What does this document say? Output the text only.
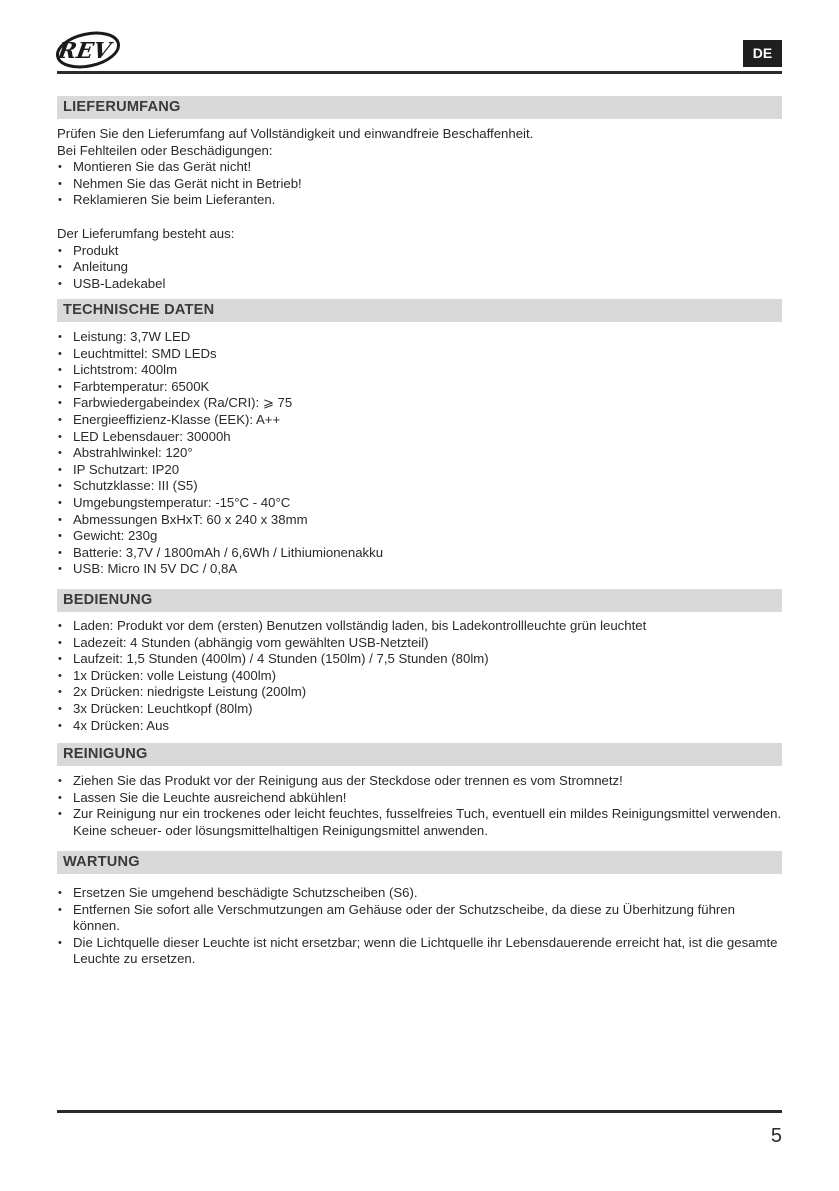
REV	DE
LIEFERUMFANG

Prüfen Sie den Lieferumfang auf Vollständigkeit und einwandfreie Beschaffenheit.

Bei Fehlteilen oder Beschädigungen:

• Montieren Sie das Gerät nicht!
• Nehmen Sie das Gerät nicht in Betrieb!
• Reklamieren Sie beim Lieferanten.

Der Lieferumfang besteht aus:

• Produkt
• Anleitung
• USB-Ladekabel
TECHNISCHE DATEN
• Leistung: 3,7W LED
• Leuchtmittel: SMD LEDs
• Lichtstrom: 400lm
• Farbtemperatur: 6500K
• Farbwiedergabeindex (Ra/CRI): ⩾ 75
• Energieeffizienz-Klasse (EEK): A++
• LED Lebensdauer: 30000h
• Abstrahlwinkel: 120°
• IP Schutzart: IP20
• Schutzklasse: III (S5)
• Umgebungstemperatur: -15°C - 40°C
• Abmessungen BxHxT: 60 x 240 x 38mm
• Gewicht: 230g
• Batterie: 3,7V / 1800mAh / 6,6Wh / Lithiumionenakku
• USB: Micro IN 5V DC / 0,8A
BEDIENUNG
• Laden: Produkt vor dem (ersten) Benutzen vollständig laden, bis Ladekontrollleuchte grün leuchtet
• Ladezeit: 4 Stunden (abhängig vom gewählten USB-Netzteil)
• Laufzeit: 1,5 Stunden (400lm) / 4 Stunden (150lm) / 7,5 Stunden (80lm)
• 1x Drücken: volle Leistung (400lm)
• 2x Drücken: niedrigste Leistung (200lm)
• 3x Drücken: Leuchtkopf (80lm)
• 4x Drücken: Aus
REINIGUNG
• Ziehen Sie das Produkt vor der Reinigung aus der Steckdose oder trennen es vom Stromnetz!
• Lassen Sie die Leuchte ausreichend abkühlen!
• Zur Reinigung nur ein trockenes oder leicht feuchtes, fusselfreies Tuch, eventuell ein mildes Reinigungsmittel verwenden. Keine scheuer- oder lösungsmittelhaltigen Reinigungsmittel anwenden.
WARTUNG
• Ersetzen Sie umgehend beschädigte Schutzscheiben (S6).
• Entfernen Sie sofort alle Verschmutzungen am Gehäuse oder der Schutzscheibe, da diese zu Überhitzung führen können.
• Die Lichtquelle dieser Leuchte ist nicht ersetzbar; wenn die Lichtquelle ihr Lebensdauerende erreicht hat, ist die gesamte Leuchte zu ersetzen.
5
